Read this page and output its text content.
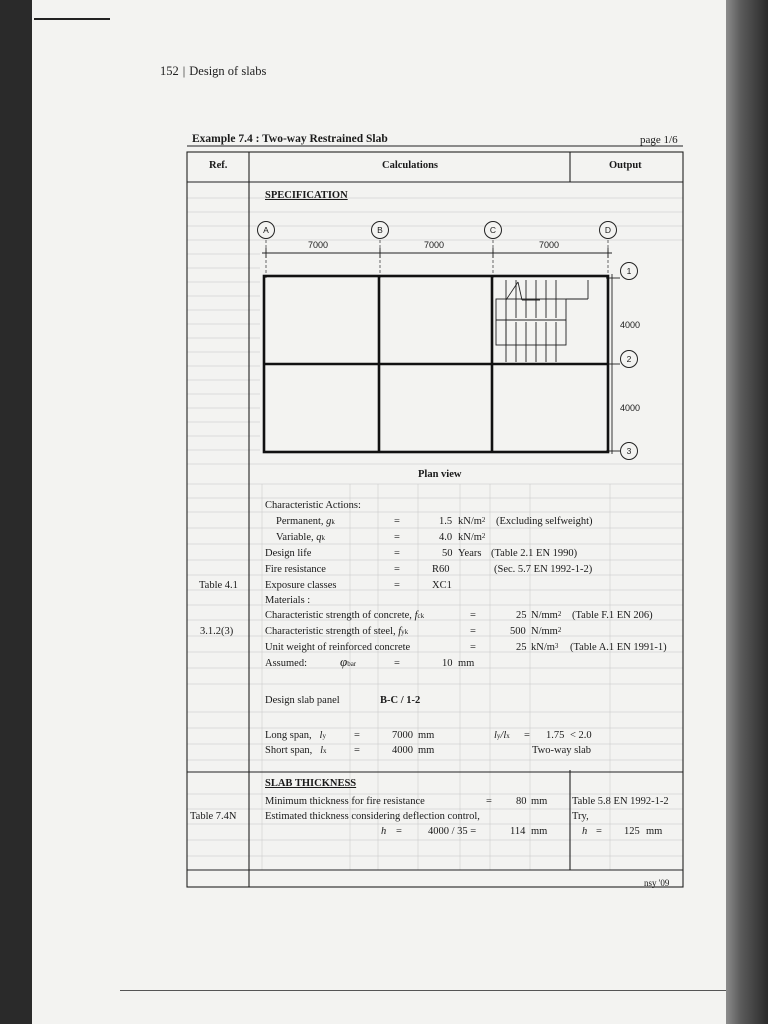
152 | Design of slabs
Example 7.4 : Two-way Restrained Slab	page 1/6
Ref.	Calculations	Output
SPECIFICATION
A	B	C	D
1
2
3
7000	7000	7000
4000
4000
Plan view
Characteristic Actions:
Permanent, gk	=	1.5 $kN/m^2$ (Excluding selfweight)
Variable, qk	=	4.0 $kN/m^2$
Design life	=	50 Years (Table 2.1 EN 1990)
Fire resistance	=	R60	(Sec. 5.7 EN 1992-1-2)
Table 4.1	Exposure classes	=	XC1
Materials :
Characteristic strength of concrete, fck	=	25 $N/mm^2$ (Table F.1 EN 206)
3.1.2(3)	Characteristic strength of steel, fyk	=	500 $N/mm^2$
Unit weight of reinforced concrete	=	25 $kN/m^3$ (Table A.1 EN 1991-1)
Assumed:	φbar	=	10 mm
Design slab panel	B-C / 1-2
Long span, ly	=	7000 mm	ly/lx = 1.75 < 2.0
Short span, lx	=	4000 mm	Two-way slab
SLAB THICKNESS
Minimum thickness for fire resistance	= 80 mm Table 5.8 EN 1992-1-2
Table 7.4N	Estimated thickness considering deflection control,	Try,
h = 4000 / 35 =	114 mm	h = 125 mm
nsy '09
